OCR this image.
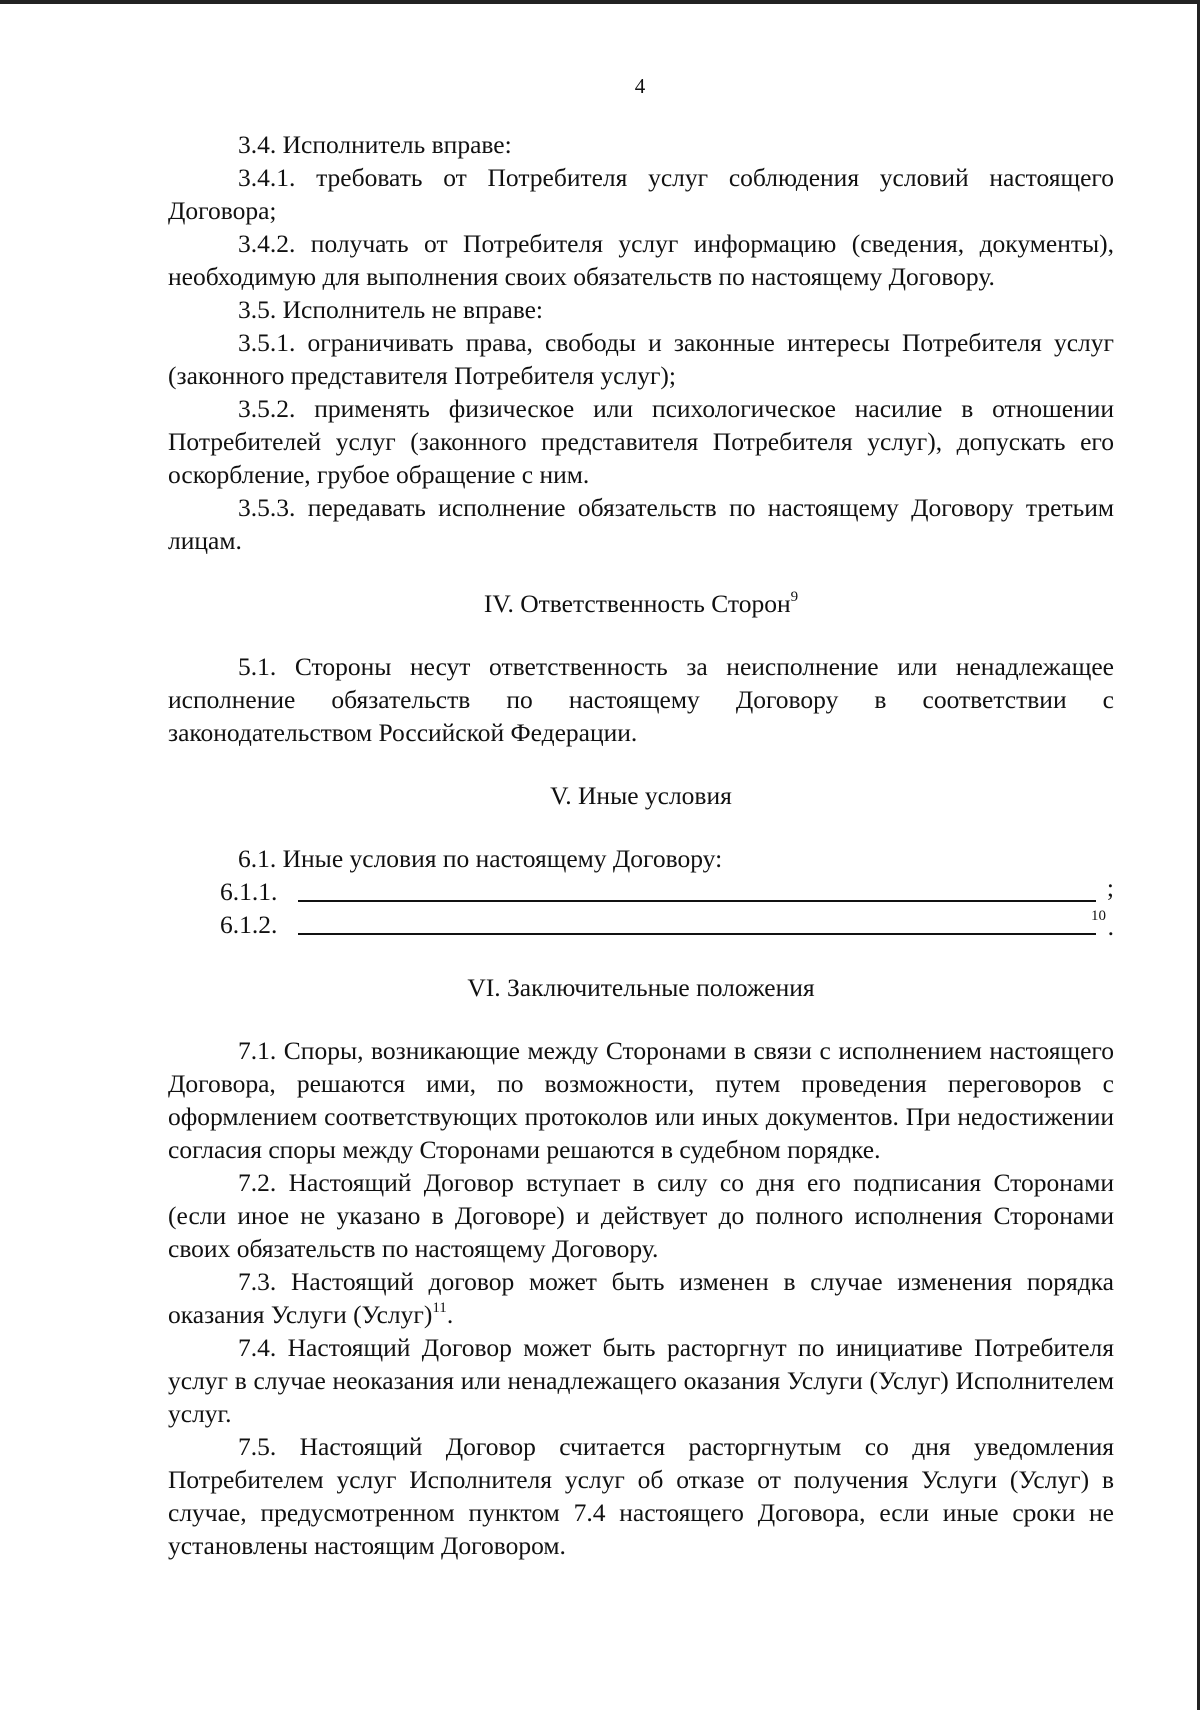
4

3.4. Исполнитель вправе:

3.4.1. требовать от Потребителя услуг соблюдения условий настоящего Договора;

3.4.2. получать от Потребителя услуг информацию (сведения, документы), необходимую для выполнения своих обязательств по настоящему Договору.

3.5. Исполнитель не вправе:

3.5.1. ограничивать права, свободы и законные интересы Потребителя услуг (законного представителя Потребителя услуг);

3.5.2. применять физическое или психологическое насилие в отношении Потребителей услуг (законного представителя Потребителя услуг), допускать его оскорбление, грубое обращение с ним.

3.5.3. передавать исполнение обязательств по настоящему Договору третьим лицам.

IV. Ответственность Сторон$^9$

5.1. Стороны несут ответственность за неисполнение или ненадлежащее исполнение обязательств по настоящему Договору в соответствии с законодательством Российской Федерации.

V. Иные условия

6.1. Иные условия по настоящему Договору:

6.1.1.	;
6.1.2.	10 .

VI. Заключительные положения

7.1. Споры, возникающие между Сторонами в связи с исполнением настоящего Договора, решаются ими, по возможности, путем проведения переговоров с оформлением соответствующих протоколов или иных документов. При недостижении согласия споры между Сторонами решаются в судебном порядке.

7.2. Настоящий Договор вступает в силу со дня его подписания Сторонами (если иное не указано в Договоре) и действует до полного исполнения Сторонами своих обязательств по настоящему Договору.

7.3. Настоящий договор может быть изменен в случае изменения порядка оказания Услуги (Услуг)$^{11}$.

7.4. Настоящий Договор может быть расторгнут по инициативе Потребителя услуг в случае неоказания или ненадлежащего оказания Услуги (Услуг) Исполнителем услуг.

7.5. Настоящий Договор считается расторгнутым со дня уведомления Потребителем услуг Исполнителя услуг об отказе от получения Услуги (Услуг) в случае, предусмотренном пунктом 7.4 настоящего Договора, если иные сроки не установлены настоящим Договором.
